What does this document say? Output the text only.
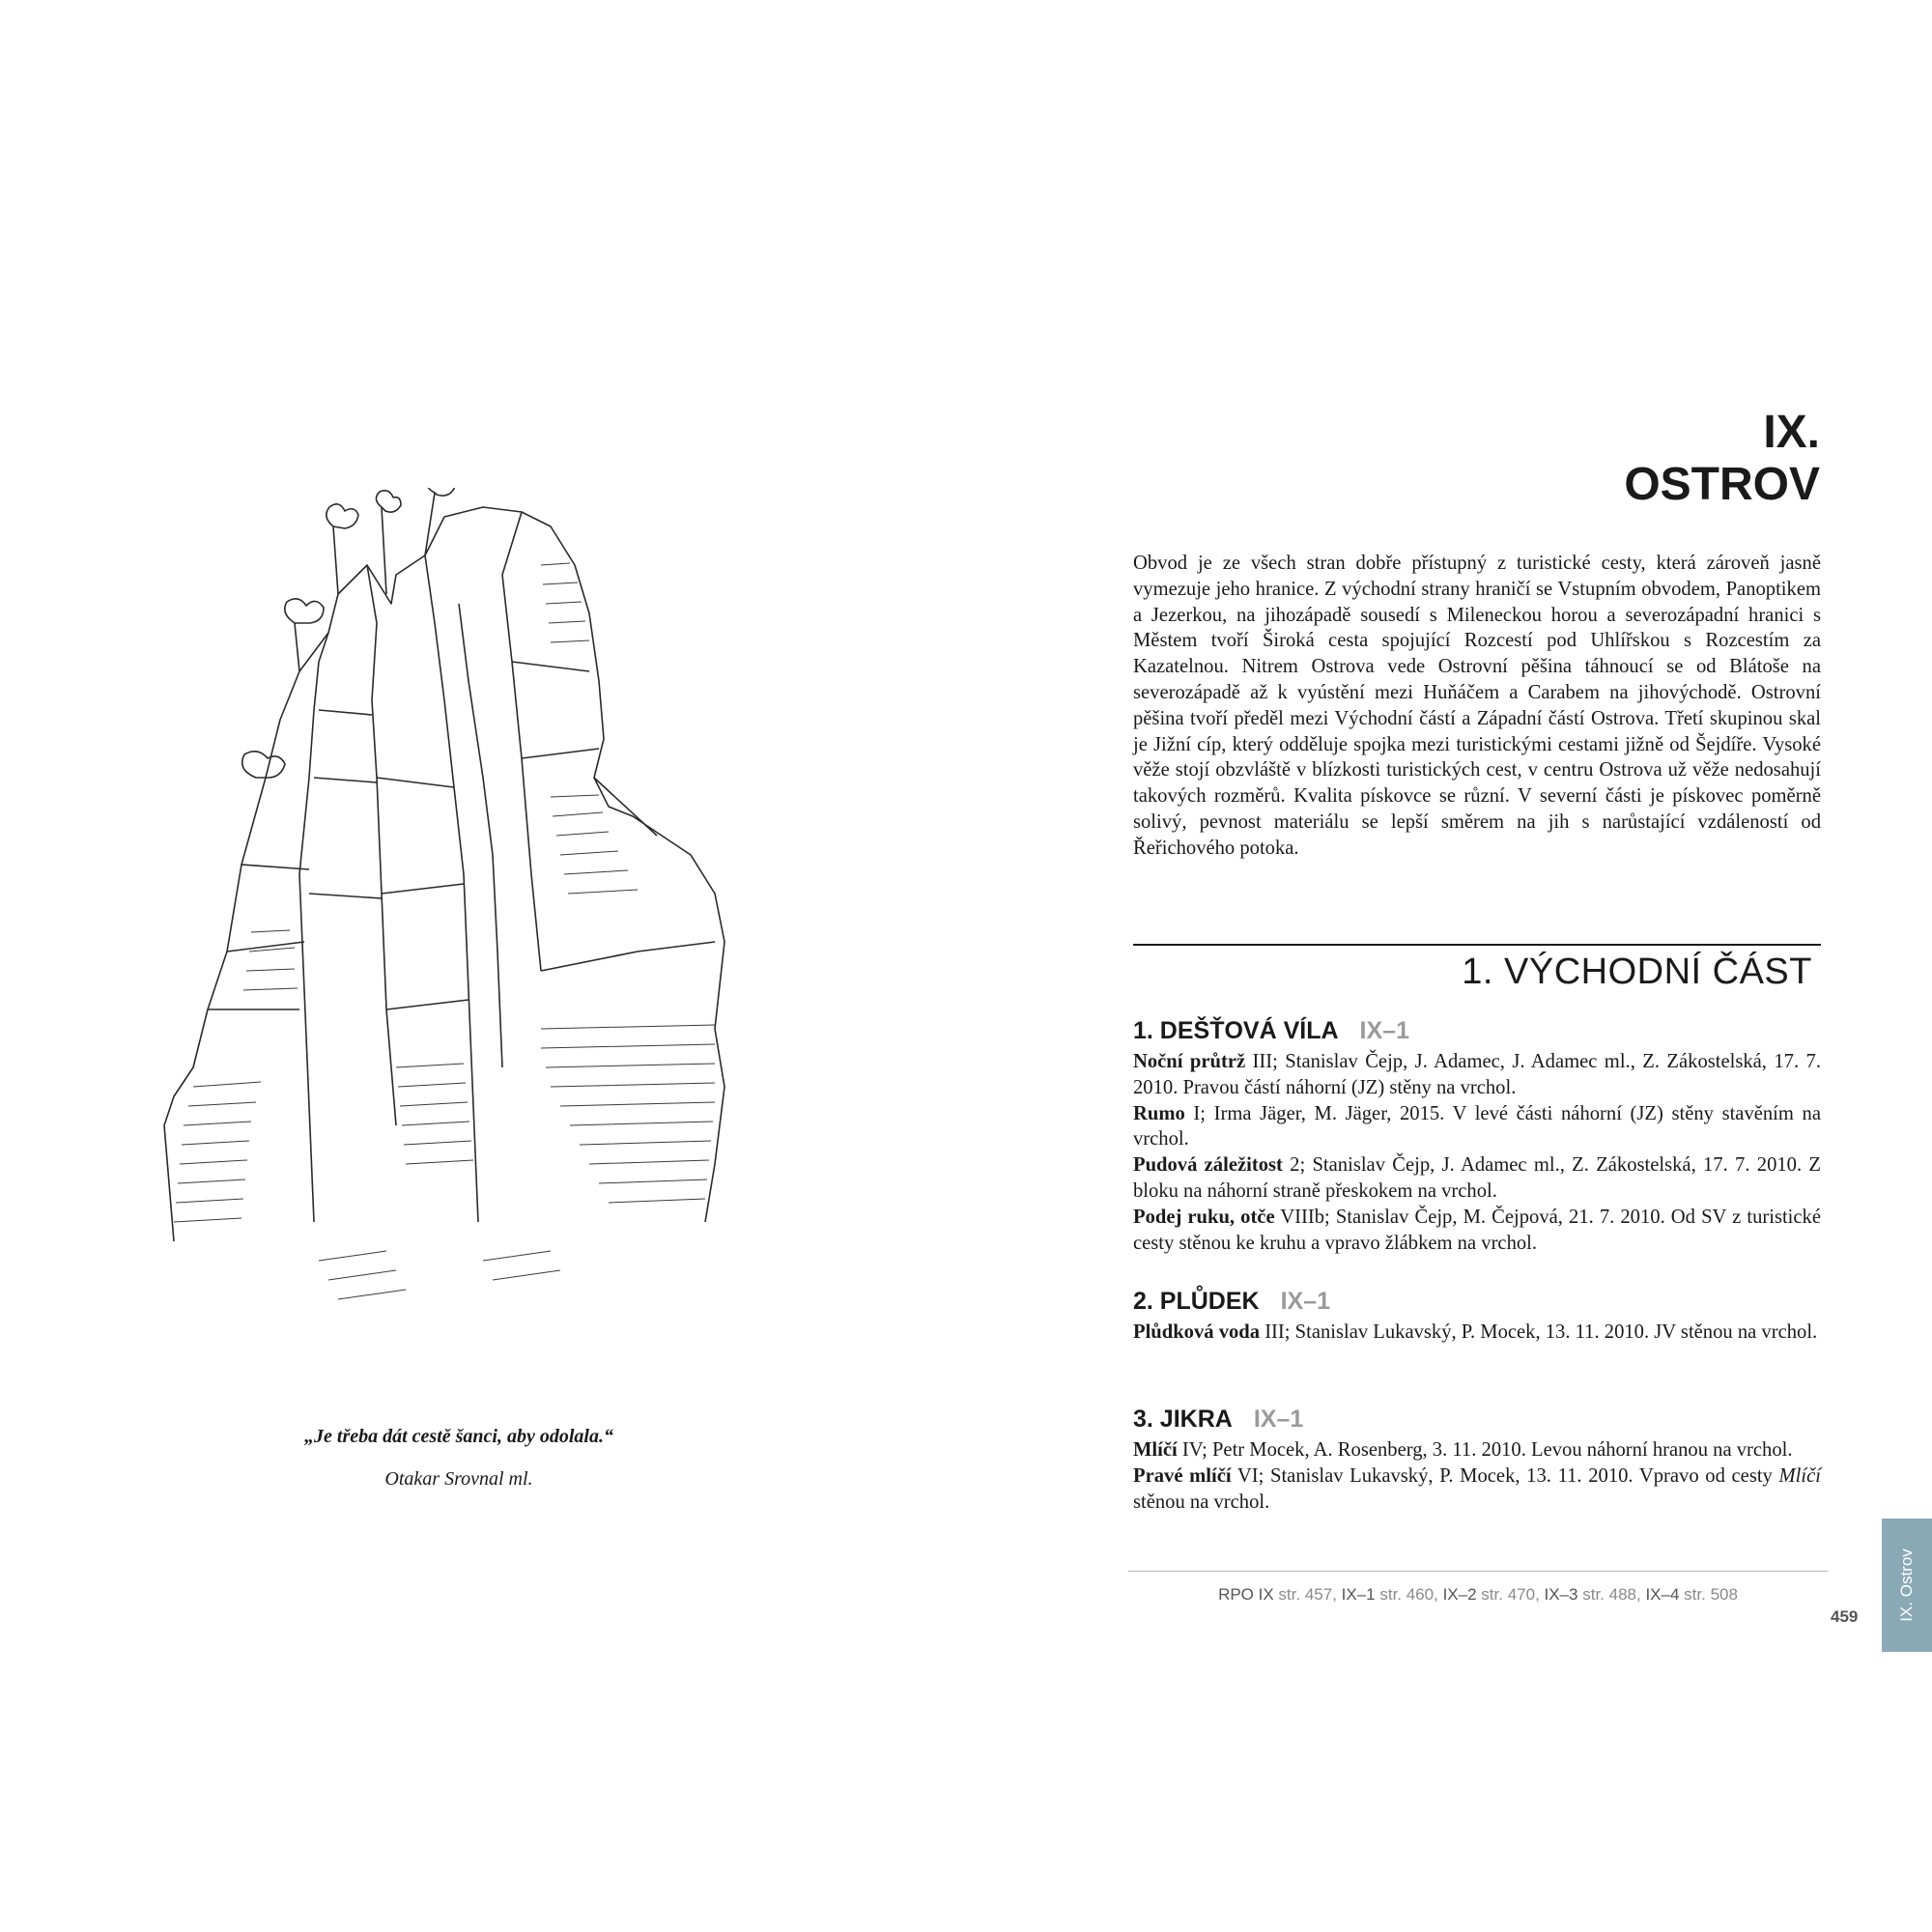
„Je třeba dát cestě šanci, aby odolala.“
Otakar Srovnal ml.
IX.
OSTROV
Obvod je ze všech stran dobře přístupný z turistické cesty, která zároveň jasně vymezuje jeho hranice. Z východní strany hraničí se Vstupním obvodem, Panoptikem a Jezerkou, na jihozápadě sousedí s Mileneckou horou a severozápadní hranici s Městem tvoří Široká cesta spojující Rozcestí pod Uhlířskou s Rozcestím za Kazatelnou. Nitrem Ostrova vede Ostrovní pěšina táhnoucí se od Blátoše na severozápadě až k vyústění mezi Huňáčem a Carabem na jihovýchodě. Ostrovní pěšina tvoří předěl mezi Východní částí a Západní částí Ostrova. Třetí skupinou skal je Jižní cíp, který odděluje spojka mezi turistickými cestami jižně od Šejdíře. Vysoké věže stojí obzvláště v blízkosti turistických cest, v centru Ostrova už věže nedosahují takových rozměrů. Kvalita pískovce se různí. V severní části je pískovec poměrně solivý, pevnost materiálu se lepší směrem na jih s narůstající vzdáleností od Řeřichového potoka.
1. VÝCHODNÍ ČÁST
1. DEŠŤOVÁ VÍLA IX–1
Noční průtrž III; Stanislav Čejp, J. Adamec, J. Adamec ml., Z. Zákostelská, 17. 7. 2010. Pravou částí náhorní (JZ) stěny na vrchol.
Rumo I; Irma Jäger, M. Jäger, 2015. V levé části náhorní (JZ) stěny stavěním na vrchol.
Pudová záležitost 2; Stanislav Čejp, J. Adamec ml., Z. Zákostelská, 17. 7. 2010. Z bloku na náhorní straně přeskokem na vrchol.
Podej ruku, otče VIIIb; Stanislav Čejp, M. Čejpová, 21. 7. 2010. Od SV z turistické cesty stěnou ke kruhu a vpravo žlábkem na vrchol.
2. PLŮDEK IX–1
Plůdková voda III; Stanislav Lukavský, P. Mocek, 13. 11. 2010. JV stěnou na vrchol.
3. JIKRA IX–1
Mlíčí IV; Petr Mocek, A. Rosenberg, 3. 11. 2010. Levou náhorní hranou na vrchol.
Pravé mlíčí VI; Stanislav Lukavský, P. Mocek, 13. 11. 2010. Vpravo od cesty Mlíčí stěnou na vrchol.
RPO IX str. 457, IX–1 str. 460, IX–2 str. 470, IX–3 str. 488, IX–4 str. 508
459 IX. Ostrov
